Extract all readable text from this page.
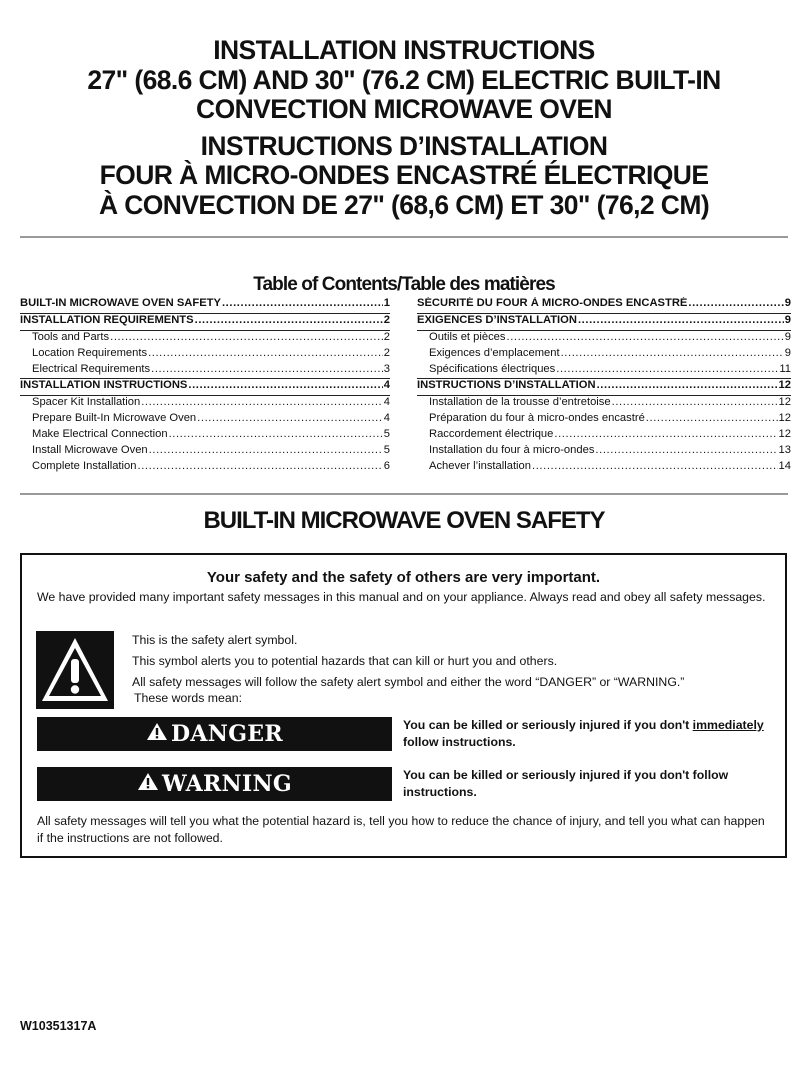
INSTALLATION INSTRUCTIONS
27" (68.6 CM) AND 30" (76.2 CM) ELECTRIC BUILT-IN
CONVECTION MICROWAVE OVEN
INSTRUCTIONS D’INSTALLATION
FOUR À MICRO-ONDES ENCASTRÉ ÉLECTRIQUE
À CONVECTION DE 27" (68,6 CM) ET 30" (76,2 CM)
Table of Contents/Table des matières
BUILT-IN MICROWAVE OVEN SAFETY .....	1
INSTALLATION REQUIREMENTS .....	2
Tools and Parts .....	2
Location Requirements .....	2
Electrical Requirements .....	3
INSTALLATION INSTRUCTIONS .....	4
Spacer Kit Installation .....	4
Prepare Built-In Microwave Oven .....	4
Make Electrical Connection .....	5
Install Microwave Oven .....	5
Complete Installation .....	6
SÉCURITÉ DU FOUR À MICRO-ONDES ENCASTRÉ .....	9
EXIGENCES D’INSTALLATION .....	9
Outils et pièces .....	9
Exigences d’emplacement .....	9
Spécifications électriques .....	11
INSTRUCTIONS D’INSTALLATION .....	12
Installation de la trousse d’entretoise .....	12
Préparation du four à micro-ondes encastré .....	12
Raccordement électrique .....	12
Installation du four à micro-ondes .....	13
Achever l’installation .....	14
BUILT-IN MICROWAVE OVEN SAFETY
Your safety and the safety of others are very important.
We have provided many important safety messages in this manual and on your appliance. Always read and obey all safety messages.
This is the safety alert symbol.
This symbol alerts you to potential hazards that can kill or hurt you and others.
All safety messages will follow the safety alert symbol and either the word “DANGER” or “WARNING.”
These words mean:
DANGER	You can be killed or seriously injured if you don't immediately
follow instructions.
WARNING	You can be killed or seriously injured if you don't follow instructions.
All safety messages will tell you what the potential hazard is, tell you how to reduce the chance of injury, and tell you what can happen if the instructions are not followed.
W10351317A
